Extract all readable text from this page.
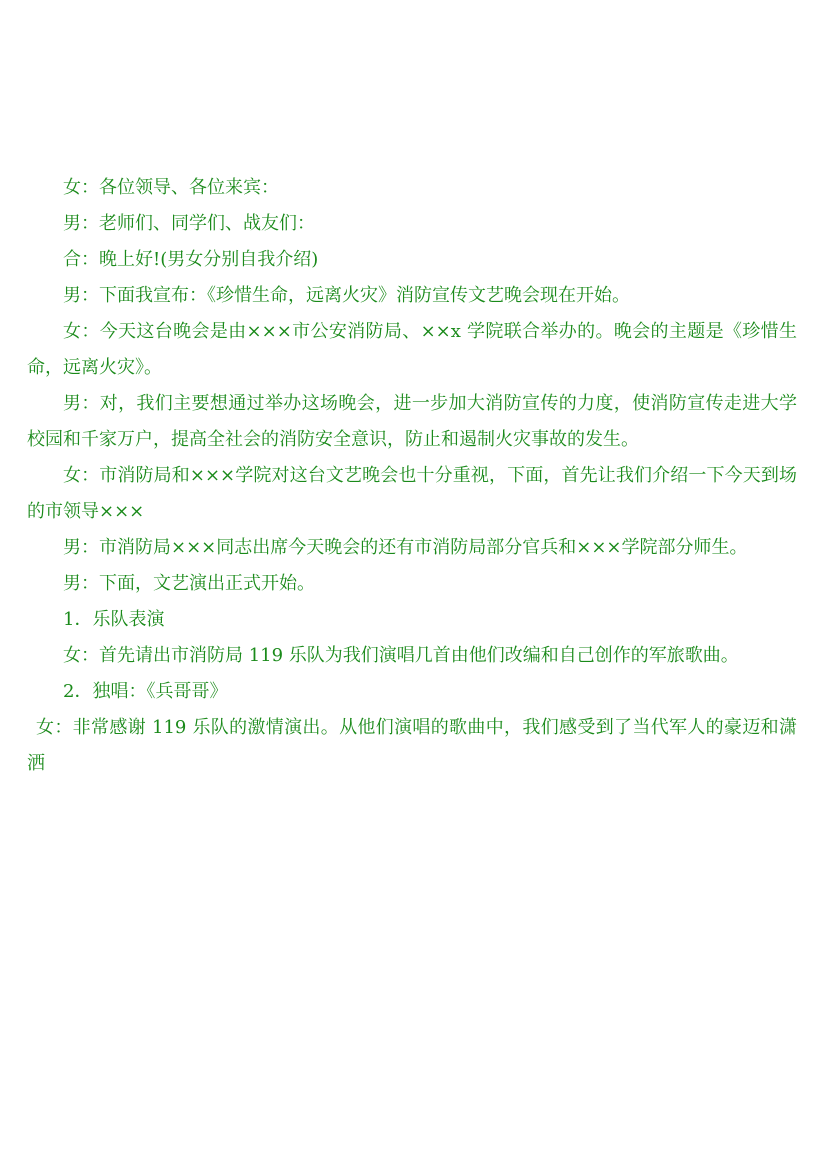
女：各位领导、各位来宾：

男：老师们、同学们、战友们：

合：晚上好!(男女分别自我介绍)

男：下面我宣布：《珍惜生命，远离火灾》消防宣传文艺晚会现在开始。

女：今天这台晚会是由×××市公安消防局、××x 学院联合举办的。晚会的主题是《珍惜生命，远离火灾》。

男：对，我们主要想通过举办这场晚会，进一步加大消防宣传的力度，使消防宣传走进大学校园和千家万户，提高全社会的消防安全意识，防止和遏制火灾事故的发生。

女：市消防局和×××学院对这台文艺晚会也十分重视，下面，首先让我们介绍一下今天到场的市领导×××

男：市消防局×××同志出席今天晚会的还有市消防局部分官兵和×××学院部分师生。

男：下面，文艺演出正式开始。

1．乐队表演

女：首先请出市消防局 119 乐队为我们演唱几首由他们改编和自己创作的军旅歌曲。

2．独唱：《兵哥哥》

女：非常感谢 119 乐队的激情演出。从他们演唱的歌曲中，我们感受到了当代军人的豪迈和潇洒
